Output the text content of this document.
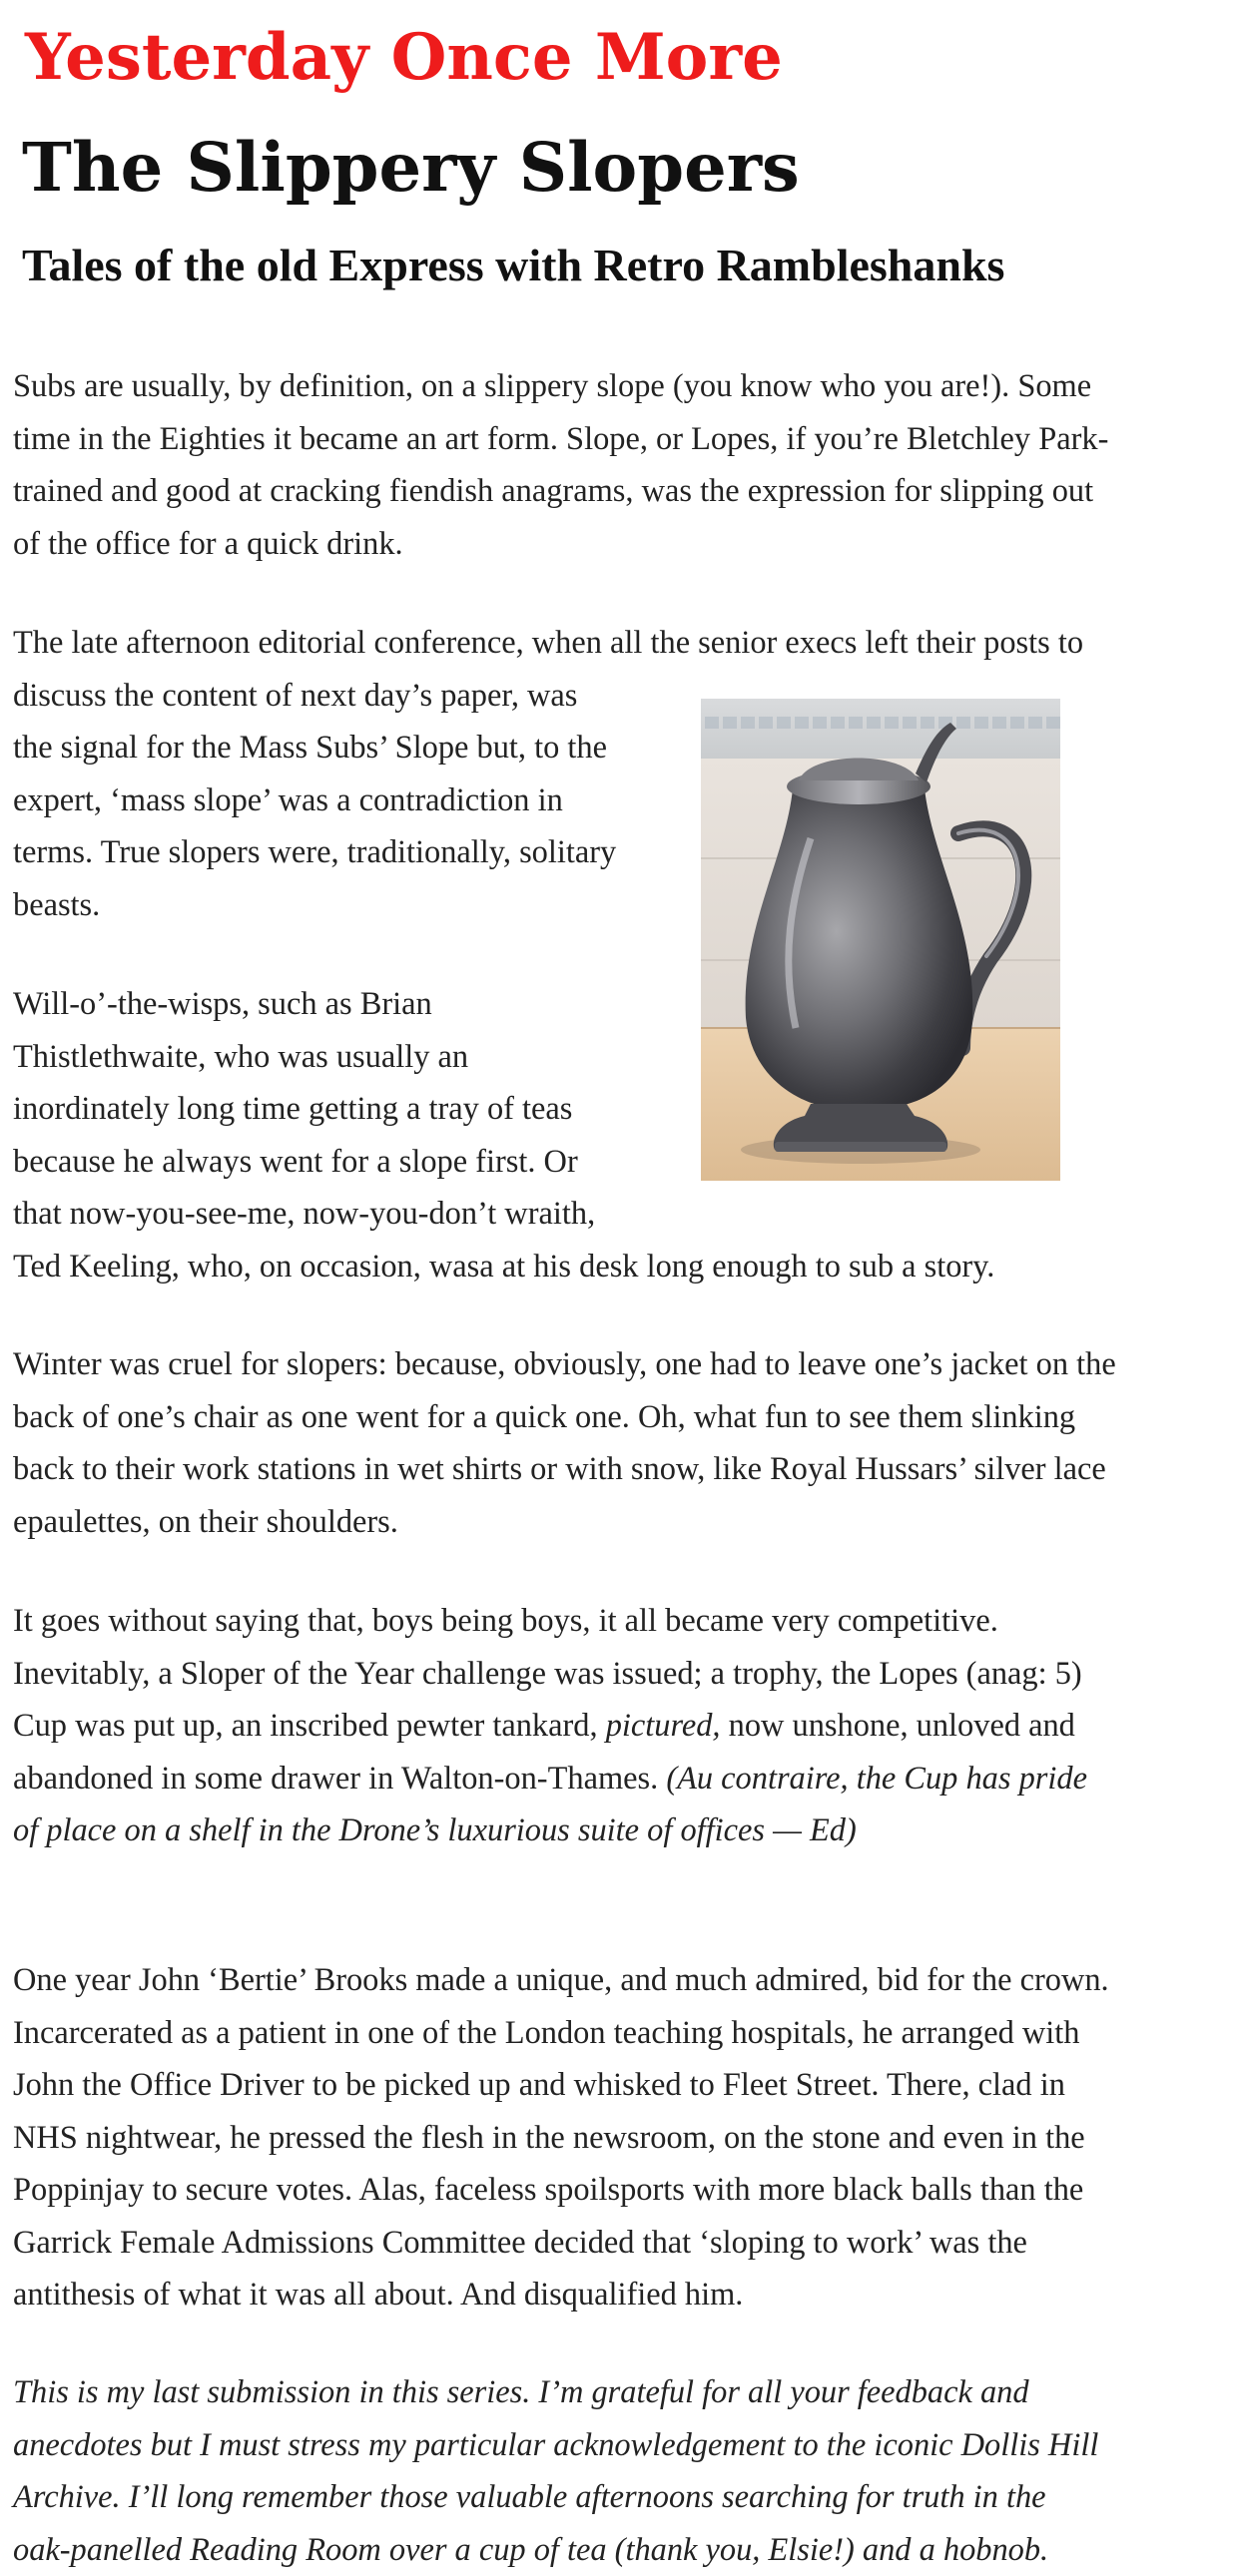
Yesterday Once More
The Slippery Slopers
Tales of the old Express with Retro Rambleshanks

Subs are usually, by definition, on a slippery slope (you know who you are!). Some
time in the Eighties it became an art form. Slope, or Lopes, if you’re Bletchley Park-
trained and good at cracking fiendish anagrams, was the expression for slipping out
of the office for a quick drink.

The late afternoon editorial conference, when all the senior execs left their posts to
discuss the content of next day’s paper, was
the signal for the Mass Subs’ Slope but, to the
expert, ‘mass slope’ was a contradiction in
terms. True slopers were, traditionally, solitary
beasts.

Will-o’-the-wisps, such as Brian
Thistlethwaite, who was usually an
inordinately long time getting a tray of teas
because he always went for a slope first. Or
that now-you-see-me, now-you-don’t wraith,
Ted Keeling, who, on occasion, wasa at his desk long enough to sub a story.

Winter was cruel for slopers: because, obviously, one had to leave one’s jacket on the
back of one’s chair as one went for a quick one. Oh, what fun to see them slinking
back to their work stations in wet shirts or with snow, like Royal Hussars’ silver lace
epaulettes, on their shoulders.

It goes without saying that, boys being boys, it all became very competitive.
Inevitably, a Sloper of the Year challenge was issued; a trophy, the Lopes (anag: 5)
Cup was put up, an inscribed pewter tankard, pictured, now unshone, unloved and
abandoned in some drawer in Walton-on-Thames. (Au contraire, the Cup has pride
of place on a shelf in the Drone’s luxurious suite of offices — Ed)

One year John ‘Bertie’ Brooks made a unique, and much admired, bid for the crown.
Incarcerated as a patient in one of the London teaching hospitals, he arranged with
John the Office Driver to be picked up and whisked to Fleet Street. There, clad in
NHS nightwear, he pressed the flesh in the newsroom, on the stone and even in the
Poppinjay to secure votes. Alas, faceless spoilsports with more black balls than the
Garrick Female Admissions Committee decided that ‘sloping to work’ was the
antithesis of what it was all about. And disqualified him.

This is my last submission in this series. I’m grateful for all your feedback and
anecdotes but I must stress my particular acknowledgement to the iconic Dollis Hill
Archive. I’ll long remember those valuable afternoons searching for truth in the
oak-panelled Reading Room over a cup of tea (thank you, Elsie!) and a hobnob.
